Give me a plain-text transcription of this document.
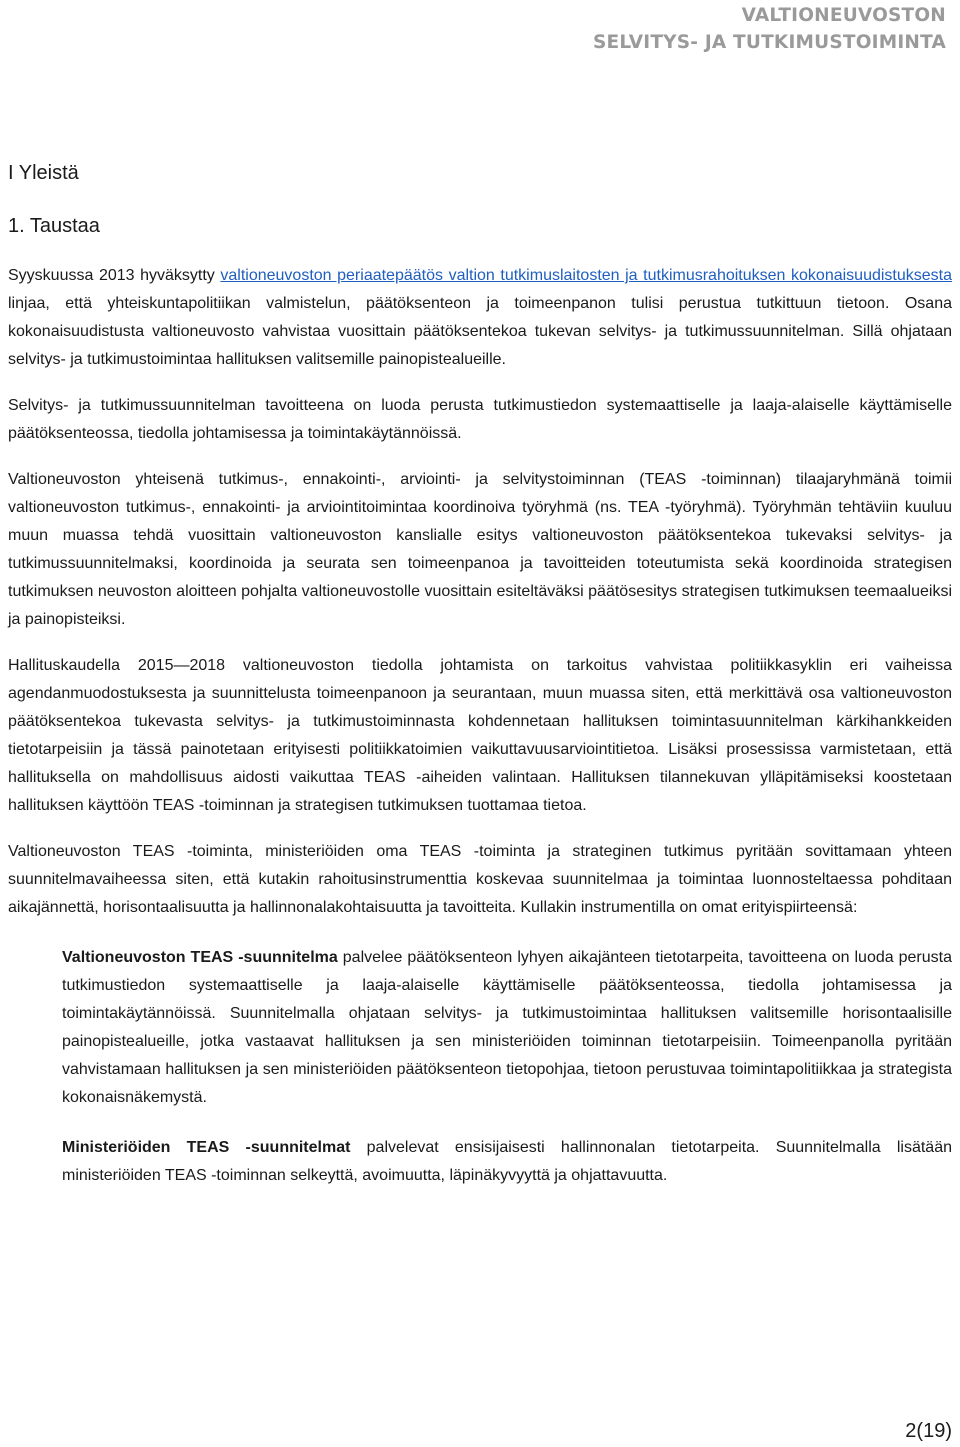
VALTIONEUVOSTON
SELVITYS- JA TUTKIMUSTOIMINTA
I Yleistä
1. Taustaa

Syyskuussa 2013 hyväksytty valtioneuvoston periaatepäätös valtion tutkimuslaitosten ja tutkimusrahoituksen kokonaisuudistuksesta linjaa, että yhteiskuntapolitiikan valmistelun, päätöksenteon ja toimeenpanon tulisi perustua tutkittuun tietoon. Osana kokonaisuudistusta valtioneuvosto vahvistaa vuosittain päätöksentekoa tukevan selvitys- ja tutkimussuunnitelman. Sillä ohjataan selvitys- ja tutkimustoimintaa hallituksen valitsemille painopistealueille.

Selvitys- ja tutkimussuunnitelman tavoitteena on luoda perusta tutkimustiedon systemaattiselle ja laaja-alaiselle käyttämiselle päätöksenteossa, tiedolla johtamisessa ja toimintakäytännöissä.

Valtioneuvoston yhteisenä tutkimus-, ennakointi-, arviointi- ja selvitystoiminnan (TEAS -toiminnan) tilaajaryhmänä toimii valtioneuvoston tutkimus-, ennakointi- ja arviointitoimintaa koordinoiva työryhmä (ns. TEA -työryhmä). Työryhmän tehtäviin kuuluu muun muassa tehdä vuosittain valtioneuvoston kanslialle esitys valtioneuvoston päätöksentekoa tukevaksi selvitys- ja tutkimussuunnitelmaksi, koordinoida ja seurata sen toimeenpanoa ja tavoitteiden toteutumista sekä koordinoida strategisen tutkimuksen neuvoston aloitteen pohjalta valtioneuvostolle vuosittain esiteltäväksi päätösesitys strategisen tutkimuksen teemaalueiksi ja painopisteiksi.

Hallituskaudella 2015—2018 valtioneuvoston tiedolla johtamista on tarkoitus vahvistaa politiikkasyklin eri vaiheissa agendanmuodostuksesta ja suunnittelusta toimeenpanoon ja seurantaan, muun muassa siten, että merkittävä osa valtioneuvoston päätöksentekoa tukevasta selvitys- ja tutkimustoiminnasta kohdennetaan hallituksen toimintasuunnitelman kärkihankkeiden tietotarpeisiin ja tässä painotetaan erityisesti politiikkatoimien vaikuttavuusarviointitietoa. Lisäksi prosessissa varmistetaan, että hallituksella on mahdollisuus aidosti vaikuttaa TEAS -aiheiden valintaan. Hallituksen tilannekuvan ylläpitämiseksi koostetaan hallituksen käyttöön TEAS -toiminnan ja strategisen tutkimuksen tuottamaa tietoa.

Valtioneuvoston TEAS -toiminta, ministeriöiden oma TEAS -toiminta ja strateginen tutkimus pyritään sovittamaan yhteen suunnitelmavaiheessa siten, että kutakin rahoitusinstrumenttia koskevaa suunnitelmaa ja toimintaa luonnosteltaessa pohditaan aikajännettä, horisontaalisuutta ja hallinnonalakohtaisuutta ja tavoitteita. Kullakin instrumentilla on omat erityispiirteensä:

Valtioneuvoston TEAS -suunnitelma palvelee päätöksenteon lyhyen aikajänteen tietotarpeita, tavoitteena on luoda perusta tutkimustiedon systemaattiselle ja laaja-alaiselle käyttämiselle päätöksenteossa, tiedolla johtamisessa ja toimintakäytännöissä. Suunnitelmalla ohjataan selvitys- ja tutkimustoimintaa hallituksen valitsemille horisontaalisille painopistealueille, jotka vastaavat hallituksen ja sen ministeriöiden toiminnan tietotarpeisiin. Toimeenpanolla pyritään vahvistamaan hallituksen ja sen ministeriöiden päätöksenteon tietopohjaa, tietoon perustuvaa toimintapolitiikkaa ja strategista kokonaisnäkemystä.

Ministeriöiden TEAS -suunnitelmat palvelevat ensisijaisesti hallinnonalan tietotarpeita. Suunnitelmalla lisätään ministeriöiden TEAS -toiminnan selkeyttä, avoimuutta, läpinäkyvyyttä ja ohjattavuutta.

2(19)
